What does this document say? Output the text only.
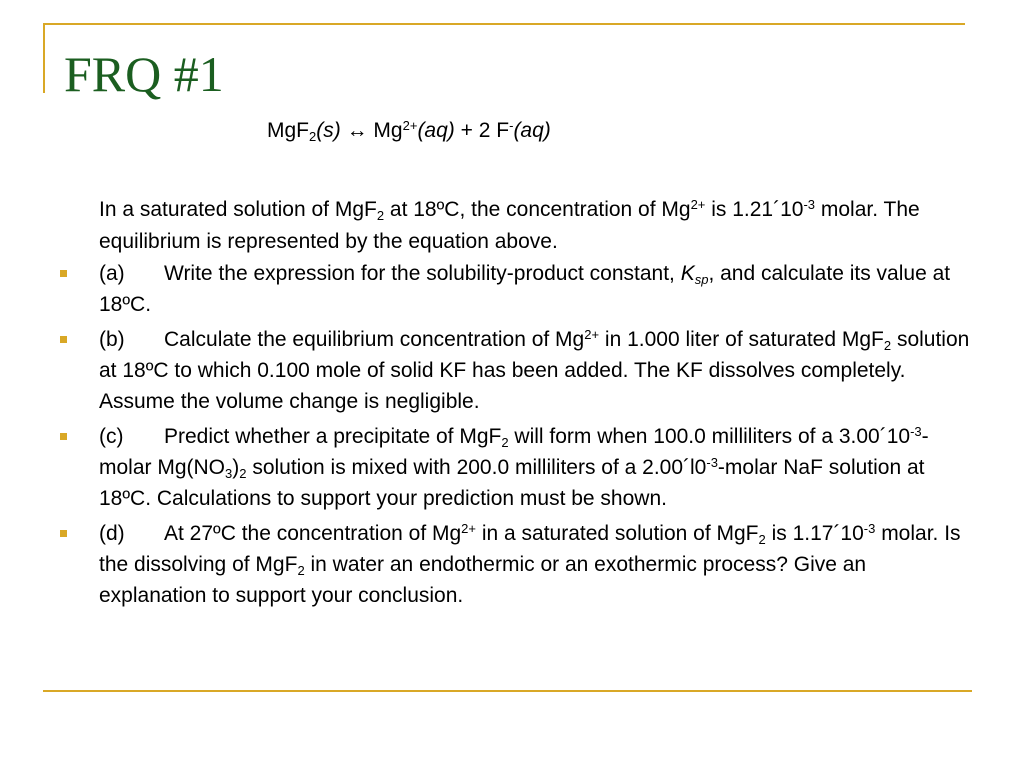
FRQ #1
MgF$_2$(s) ↔ $Mg^{2+}(aq) + 2$ F-(aq)
In a saturated solution of MgF$_2$ at 18ºC, the concentration of $Mg^{2+}$ is $1.21´10^{-3}$ molar. The equilibrium is represented by the equation above.
(a) Write the expression for the solubility-product constant, $K_{sp}$, and calculate its value at 18ºC.
(b) Calculate the equilibrium concentration of $Mg^{2+}$ in 1.000 liter of saturated MgF$_2$ solution at 18ºC to which 0.100 mole of solid KF has been added. The KF dissolves completely. Assume the volume change is negligible.
(c) Predict whether a precipitate of MgF$_2$ will form when 100.0 milliliters of a $3.00´10^{-3}$-molar $Mg(NO_3)_2$ solution is mixed with 200.0 milliliters of a $2.00´l0^{-3}$-molar NaF solution at 18ºC. Calculations to support your prediction must be shown.
(d) At 27ºC the concentration of $Mg^{2+}$ in a saturated solution of MgF$_2$ is $1.17´10^{-3}$ molar. Is the dissolving of MgF$_2$ in water an endothermic or an exothermic process? Give an explanation to support your conclusion.
